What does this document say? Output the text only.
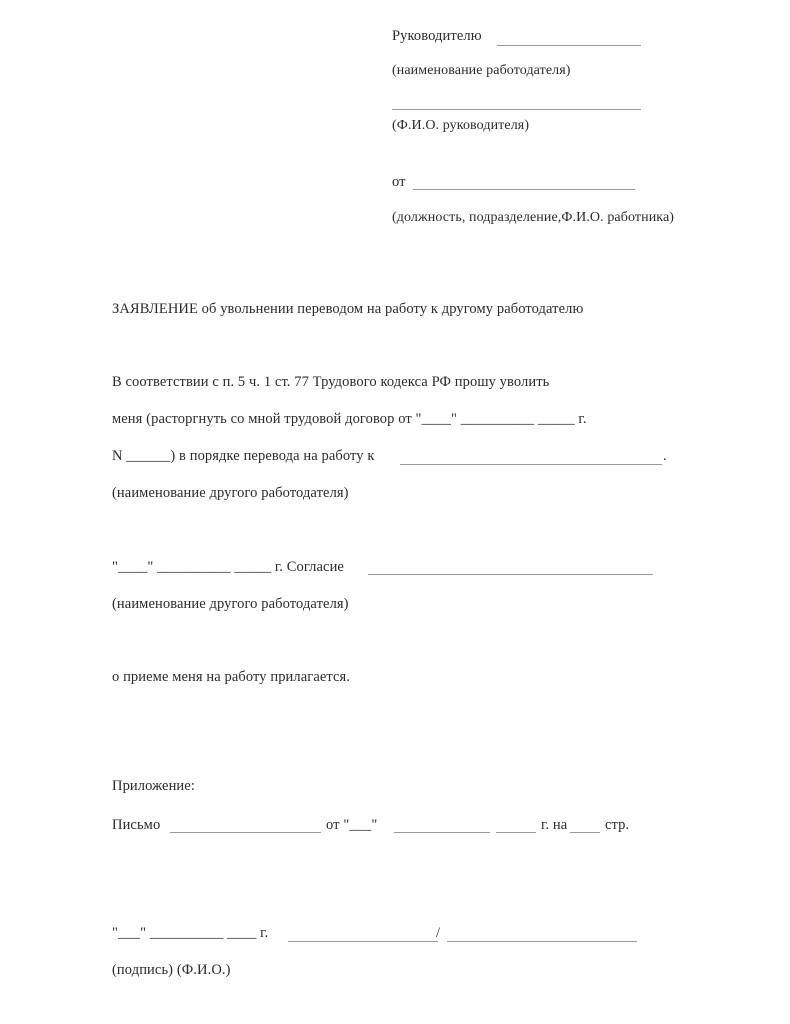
Руководителю
(наименование работодателя)
(Ф.И.О. руководителя)
от
(должность, подразделение,Ф.И.О. работника)
ЗАЯВЛЕНИЕ об увольнении переводом на работу к другому работодателю
В соответствии с п. 5 ч. 1 ст. 77 Трудового кодекса РФ прошу уволить
меня (расторгнуть со мной трудовой договор от "____" __________ _____ г.
N ______) в порядке перевода на работу к	.
(наименование другого работодателя)
"____" __________ _____ г. Согласие
(наименование другого работодателя)
о приеме меня на работу прилагается.
Приложение:
Письмо	от "___"	г. на	стр.
"___" __________ ____ г.	/
(подпись) (Ф.И.О.)
